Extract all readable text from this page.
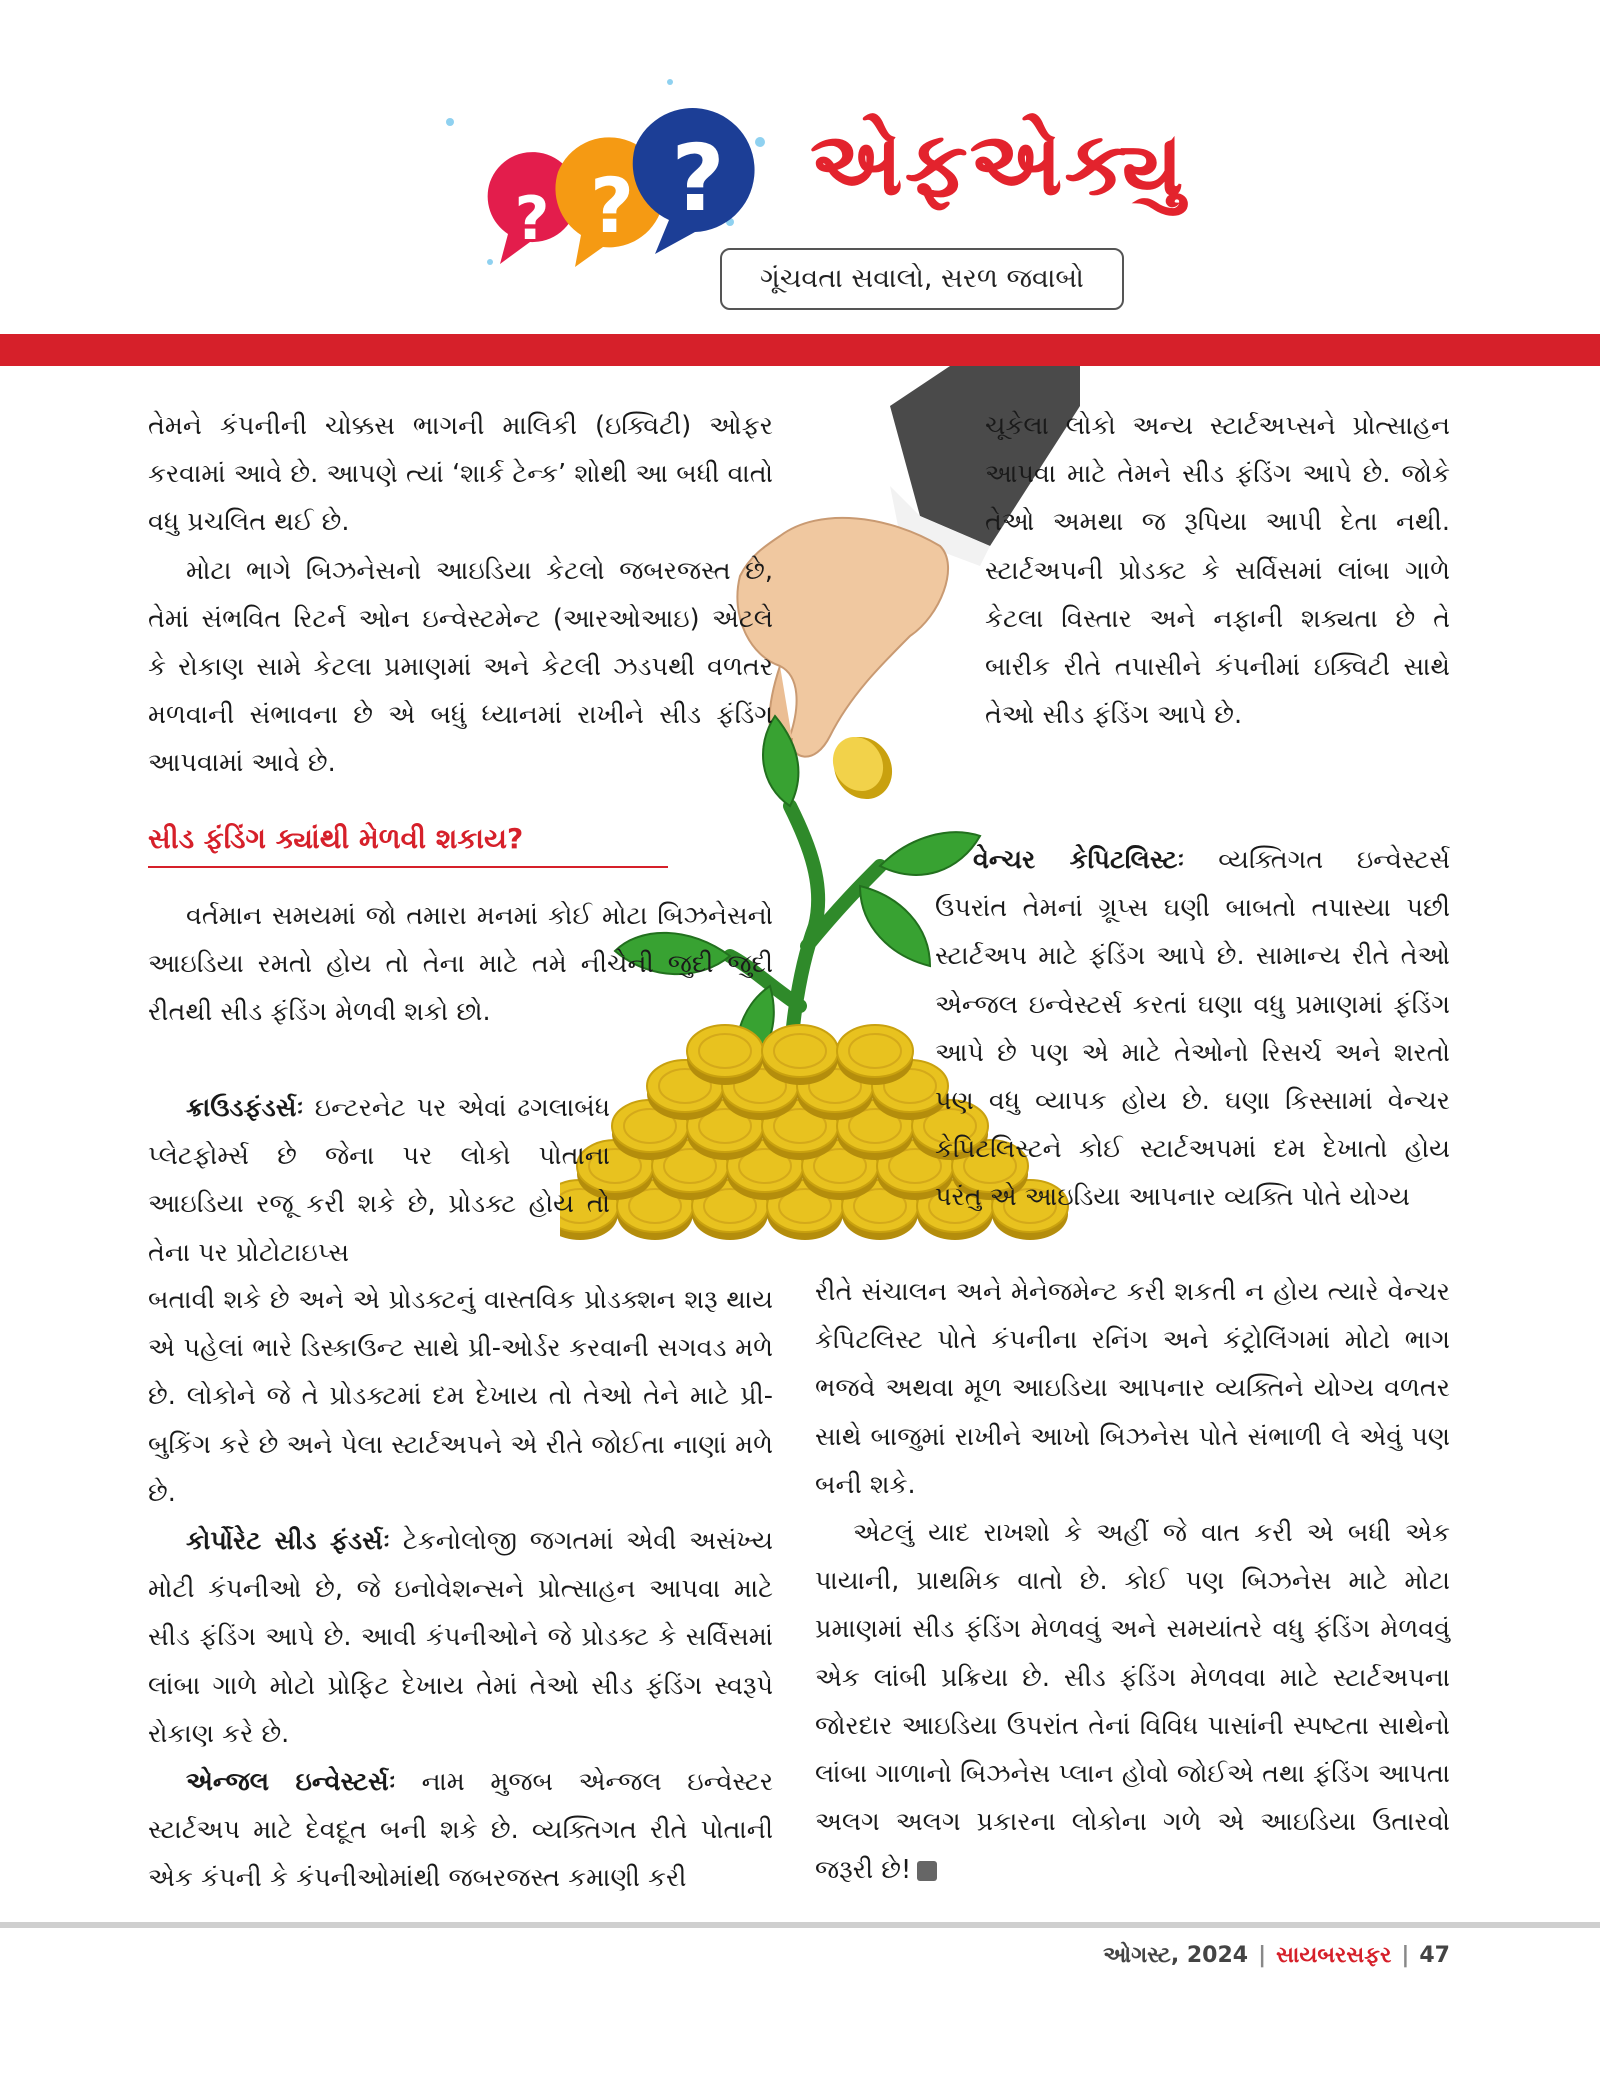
? ? ? એફએક્યુ
ગૂંચવતા સવાલો, સરળ જવાબો

તેમને કંપનીની ચોક્કસ ભાગની માલિકી (ઇક્વિટી) ઓફર કરવામાં આવે છે. આપણે ત્યાં ‘શાર્ક ટેન્ક’ શોથી આ બધી વાતો વધુ પ્રચલિત થઈ છે.

મોટા ભાગે બિઝનેસનો આઇડિયા કેટલો જબરજસ્ત છે, તેમાં સંભવિત રિટર્ન ઓન ઇન્વેસ્ટમેન્ટ (આરઓઆઇ) એટલે કે રોકાણ સામે કેટલા પ્રમાણમાં અને કેટલી ઝડપથી વળતર મળવાની સંભાવના છે એ બધું ધ્યાનમાં રાખીને સીડ ફંડિંગ આપવામાં આવે છે.

સીડ ફંડિંગ ક્યાંથી મેળવી શકાય?

વર્તમાન સમયમાં જો તમારા મનમાં કોઈ મોટા બિઝનેસનો આઇડિયા રમતો હોય તો તેના માટે તમે નીચેની જુદી જુદી રીતથી સીડ ફંડિંગ મેળવી શકો છો.

ક્રાઉડફંડર્સઃ ઇન્ટરનેટ પર એવાં ઢગલાબંધ પ્લેટફોર્મ્સ છે જેના પર લોકો પોતાના આઇડિયા રજૂ કરી શકે છે, પ્રોડક્ટ હોય તો તેના પર પ્રોટોટાઇપ્સ

બતાવી શકે છે અને એ પ્રોડક્ટનું વાસ્તવિક પ્રોડક્શન શરૂ થાય એ પહેલાં ભારે ડિસ્કાઉન્ટ સાથે પ્રી-ઓર્ડર કરવાની સગવડ મળે છે. લોકોને જે તે પ્રોડક્ટમાં દમ દેખાય તો તેઓ તેને માટે પ્રી-બુકિંગ કરે છે અને પેલા સ્ટાર્ટઅપને એ રીતે જોઈતા નાણાં મળે છે.

કોર્પોરેટ સીડ ફંડર્સઃ ટેકનોલોજી જગતમાં એવી અસંખ્ય મોટી કંપનીઓ છે, જે ઇનોવેશન્સને પ્રોત્સાહન આપવા માટે સીડ ફંડિંગ આપે છે. આવી કંપનીઓને જે પ્રોડક્ટ કે સર્વિસમાં લાંબા ગાળે મોટો પ્રોફિટ દેખાય તેમાં તેઓ સીડ ફંડિંગ સ્વરૂપે રોકાણ કરે છે.

એન્જલ ઇન્વેસ્ટર્સઃ નામ મુજબ એન્જલ ઇન્વેસ્ટર સ્ટાર્ટઅપ માટે દેવદૂત બની શકે છે. વ્યક્તિગત રીતે પોતાની એક કંપની કે કંપનીઓમાંથી જબરજસ્ત કમાણી કરી

ચૂકેલા લોકો અન્ય સ્ટાર્ટઅપ્સને પ્રોત્સાહન આપવા માટે તેમને સીડ ફંડિંગ આપે છે. જોકે તેઓ અમથા જ રૂપિયા આપી દેતા નથી. સ્ટાર્ટઅપની પ્રોડક્ટ કે સર્વિસમાં લાંબા ગાળે કેટલા વિસ્તાર અને નફાની શક્યતા છે તે બારીક રીતે તપાસીને કંપનીમાં ઇક્વિટી સાથે તેઓ સીડ ફંડિંગ આપે છે.

વેન્ચર કેપિટલિસ્ટઃ વ્યક્તિગત ઇન્વેસ્ટર્સ ઉપરાંત તેમનાં ગ્રૂપ્સ ઘણી બાબતો તપાસ્યા પછી સ્ટાર્ટઅપ માટે ફંડિંગ આપે છે. સામાન્ય રીતે તેઓ એન્જલ ઇન્વેસ્ટર્સ કરતાં ઘણા વધુ પ્રમાણમાં ફંડિંગ આપે છે પણ એ માટે તેઓનો રિસર્ચ અને શરતો પણ વધુ વ્યાપક હોય છે. ઘણા કિસ્સામાં વેન્ચર કેપિટલિસ્ટને કોઈ સ્ટાર્ટઅપમાં દમ દેખાતો હોય પરંતુ એ આઇડિયા આપનાર વ્યક્તિ પોતે યોગ્ય

રીતે સંચાલન અને મેનેજમેન્ટ કરી શકતી ન હોય ત્યારે વેન્ચર કેપિટલિસ્ટ પોતે કંપનીના રનિંગ અને કંટ્રોલિંગમાં મોટો ભાગ ભજવે અથવા મૂળ આઇડિયા આપનાર વ્યક્તિને યોગ્ય વળતર સાથે બાજુમાં રાખીને આખો બિઝનેસ પોતે સંભાળી લે એવું પણ બની શકે.

એટલું યાદ રાખશો કે અહીં જે વાત કરી એ બધી એક પાયાની, પ્રાથમિક વાતો છે. કોઈ પણ બિઝનેસ માટે મોટા પ્રમાણમાં સીડ ફંડિંગ મેળવવું અને સમયાંતરે વધુ ફંડિંગ મેળવવું એક લાંબી પ્રક્રિયા છે. સીડ ફંડિંગ મેળવવા માટે સ્ટાર્ટઅપના જોરદાર આઇડિયા ઉપરાંત તેનાં વિવિધ પાસાંની સ્પષ્ટતા સાથેનો લાંબા ગાળાનો બિઝનેસ પ્લાન હોવો જોઈએ તથા ફંડિંગ આપતા અલગ અલગ પ્રકારના લોકોના ગળે એ આઇડિયા ઉતારવો જરૂરી છે!

ઓગસ્ટ, 2024 | સાયબરસફર | 47
